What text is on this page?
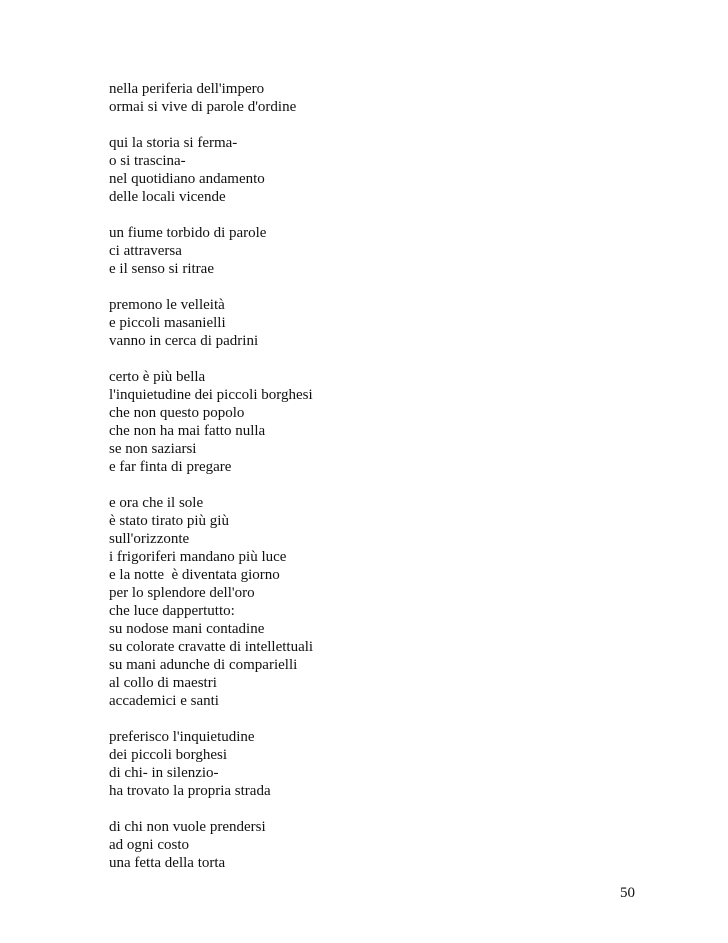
nella periferia dell'impero
ormai si vive di parole d'ordine
qui la storia si ferma-
o si trascina-
nel quotidiano andamento
delle locali vicende
un fiume torbido di parole
ci attraversa
e il senso si ritrae
premono le velleità
e piccoli masanielli
vanno in cerca di padrini
certo è più bella
l'inquietudine dei piccoli borghesi
che non questo popolo
che non ha mai fatto nulla
se non saziarsi
e far finta di pregare
e ora che il sole
è stato tirato più giù
sull'orizzonte
i frigoriferi mandano più luce
e la notte  è diventata giorno
per lo splendore dell'oro
che luce dappertutto:
su nodose mani contadine
su colorate cravatte di intellettuali
su mani adunche di comparielli
al collo di maestri
accademici e santi
preferisco l'inquietudine
dei piccoli borghesi
di chi- in silenzio-
ha trovato la propria strada
di chi non vuole prendersi
ad ogni costo
una fetta della torta
50
